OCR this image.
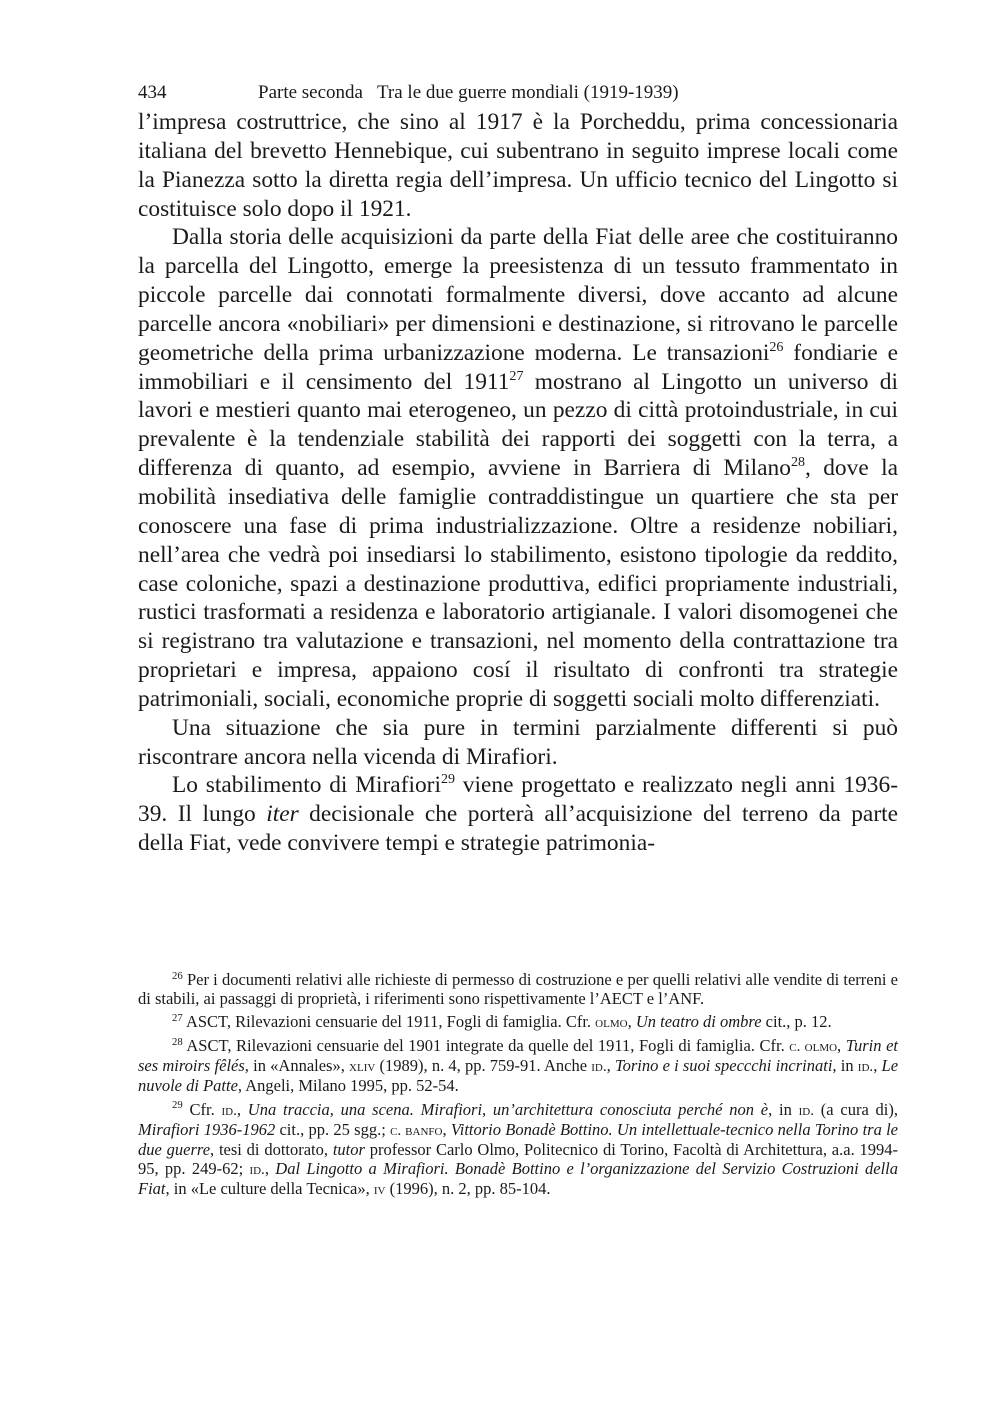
434	Parte seconda Tra le due guerre mondiali (1919-1939)

l’impresa costruttrice, che sino al 1917 è la Porcheddu, prima concessionaria italiana del brevetto Hennebique, cui subentrano in seguito imprese locali come la Pianezza sotto la diretta regia dell’impresa. Un ufficio tecnico del Lingotto si costituisce solo dopo il 1921.

Dalla storia delle acquisizioni da parte della Fiat delle aree che costituiranno la parcella del Lingotto, emerge la preesistenza di un tessuto frammentato in piccole parcelle dai connotati formalmente diversi, dove accanto ad alcune parcelle ancora «nobiliari» per dimensioni e destinazione, si ritrovano le parcelle geometriche della prima urbanizzazione moderna. Le transazioni$^{26}$ fondiarie e immobiliari e il censimento del 1911$^{27}$ mostrano al Lingotto un universo di lavori e mestieri quanto mai eterogeneo, un pezzo di città protoindustriale, in cui prevalente è la tendenziale stabilità dei rapporti dei soggetti con la terra, a differenza di quanto, ad esempio, avviene in Barriera di Milano$^{28}$, dove la mobilità insediativa delle famiglie contraddistingue un quartiere che sta per conoscere una fase di prima industrializzazione. Oltre a residenze nobiliari, nell’area che vedrà poi insediarsi lo stabilimento, esistono tipologie da reddito, case coloniche, spazi a destinazione produttiva, edifici propriamente industriali, rustici trasformati a residenza e laboratorio artigianale. I valori disomogenei che si registrano tra valutazione e transazioni, nel momento della contrattazione tra proprietari e impresa, appaiono cosí il risultato di confronti tra strategie patrimoniali, sociali, economiche proprie di soggetti sociali molto differenziati.

Una situazione che sia pure in termini parzialmente differenti si può riscontrare ancora nella vicenda di Mirafiori.

Lo stabilimento di Mirafiori$^{29}$ viene progettato e realizzato negli anni 1936-39. Il lungo iter decisionale che porterà all’acquisizione del terreno da parte della Fiat, vede convivere tempi e strategie patrimonia-

$^{26}$ Per i documenti relativi alle richieste di permesso di costruzione e per quelli relativi alle vendite di terreni e di stabili, ai passaggi di proprietà, i riferimenti sono rispettivamente l’AECT e l’ANF.

$^{27}$ ASCT, Rilevazioni censuarie del 1911, Fogli di famiglia. Cfr. olmo, Un teatro di ombre cit., p. 12.

$^{28}$ ASCT, Rilevazioni censuarie del 1901 integrate da quelle del 1911, Fogli di famiglia. Cfr. c. olmo, Turin et ses miroirs fêlés, in «Annales», xliv (1989), n. 4, pp. 759-91. Anche id., Torino e i suoi speccchi incrinati, in id., Le nuvole di Patte, Angeli, Milano 1995, pp. 52-54.

$^{29}$ Cfr. id., Una traccia, una scena. Mirafiori, un’architettura conosciuta perché non è, in id. (a cura di), Mirafiori 1936-1962 cit., pp. 25 sgg.; c. banfo, Vittorio Bonadè Bottino. Un intellettuale-tecnico nella Torino tra le due guerre, tesi di dottorato, tutor professor Carlo Olmo, Politecnico di Torino, Facoltà di Architettura, a.a. 1994-95, pp. 249-62; id., Dal Lingotto a Mirafiori. Bonadè Bottino e l’organizzazione del Servizio Costruzioni della Fiat, in «Le culture della Tecnica», iv (1996), n. 2, pp. 85-104.
